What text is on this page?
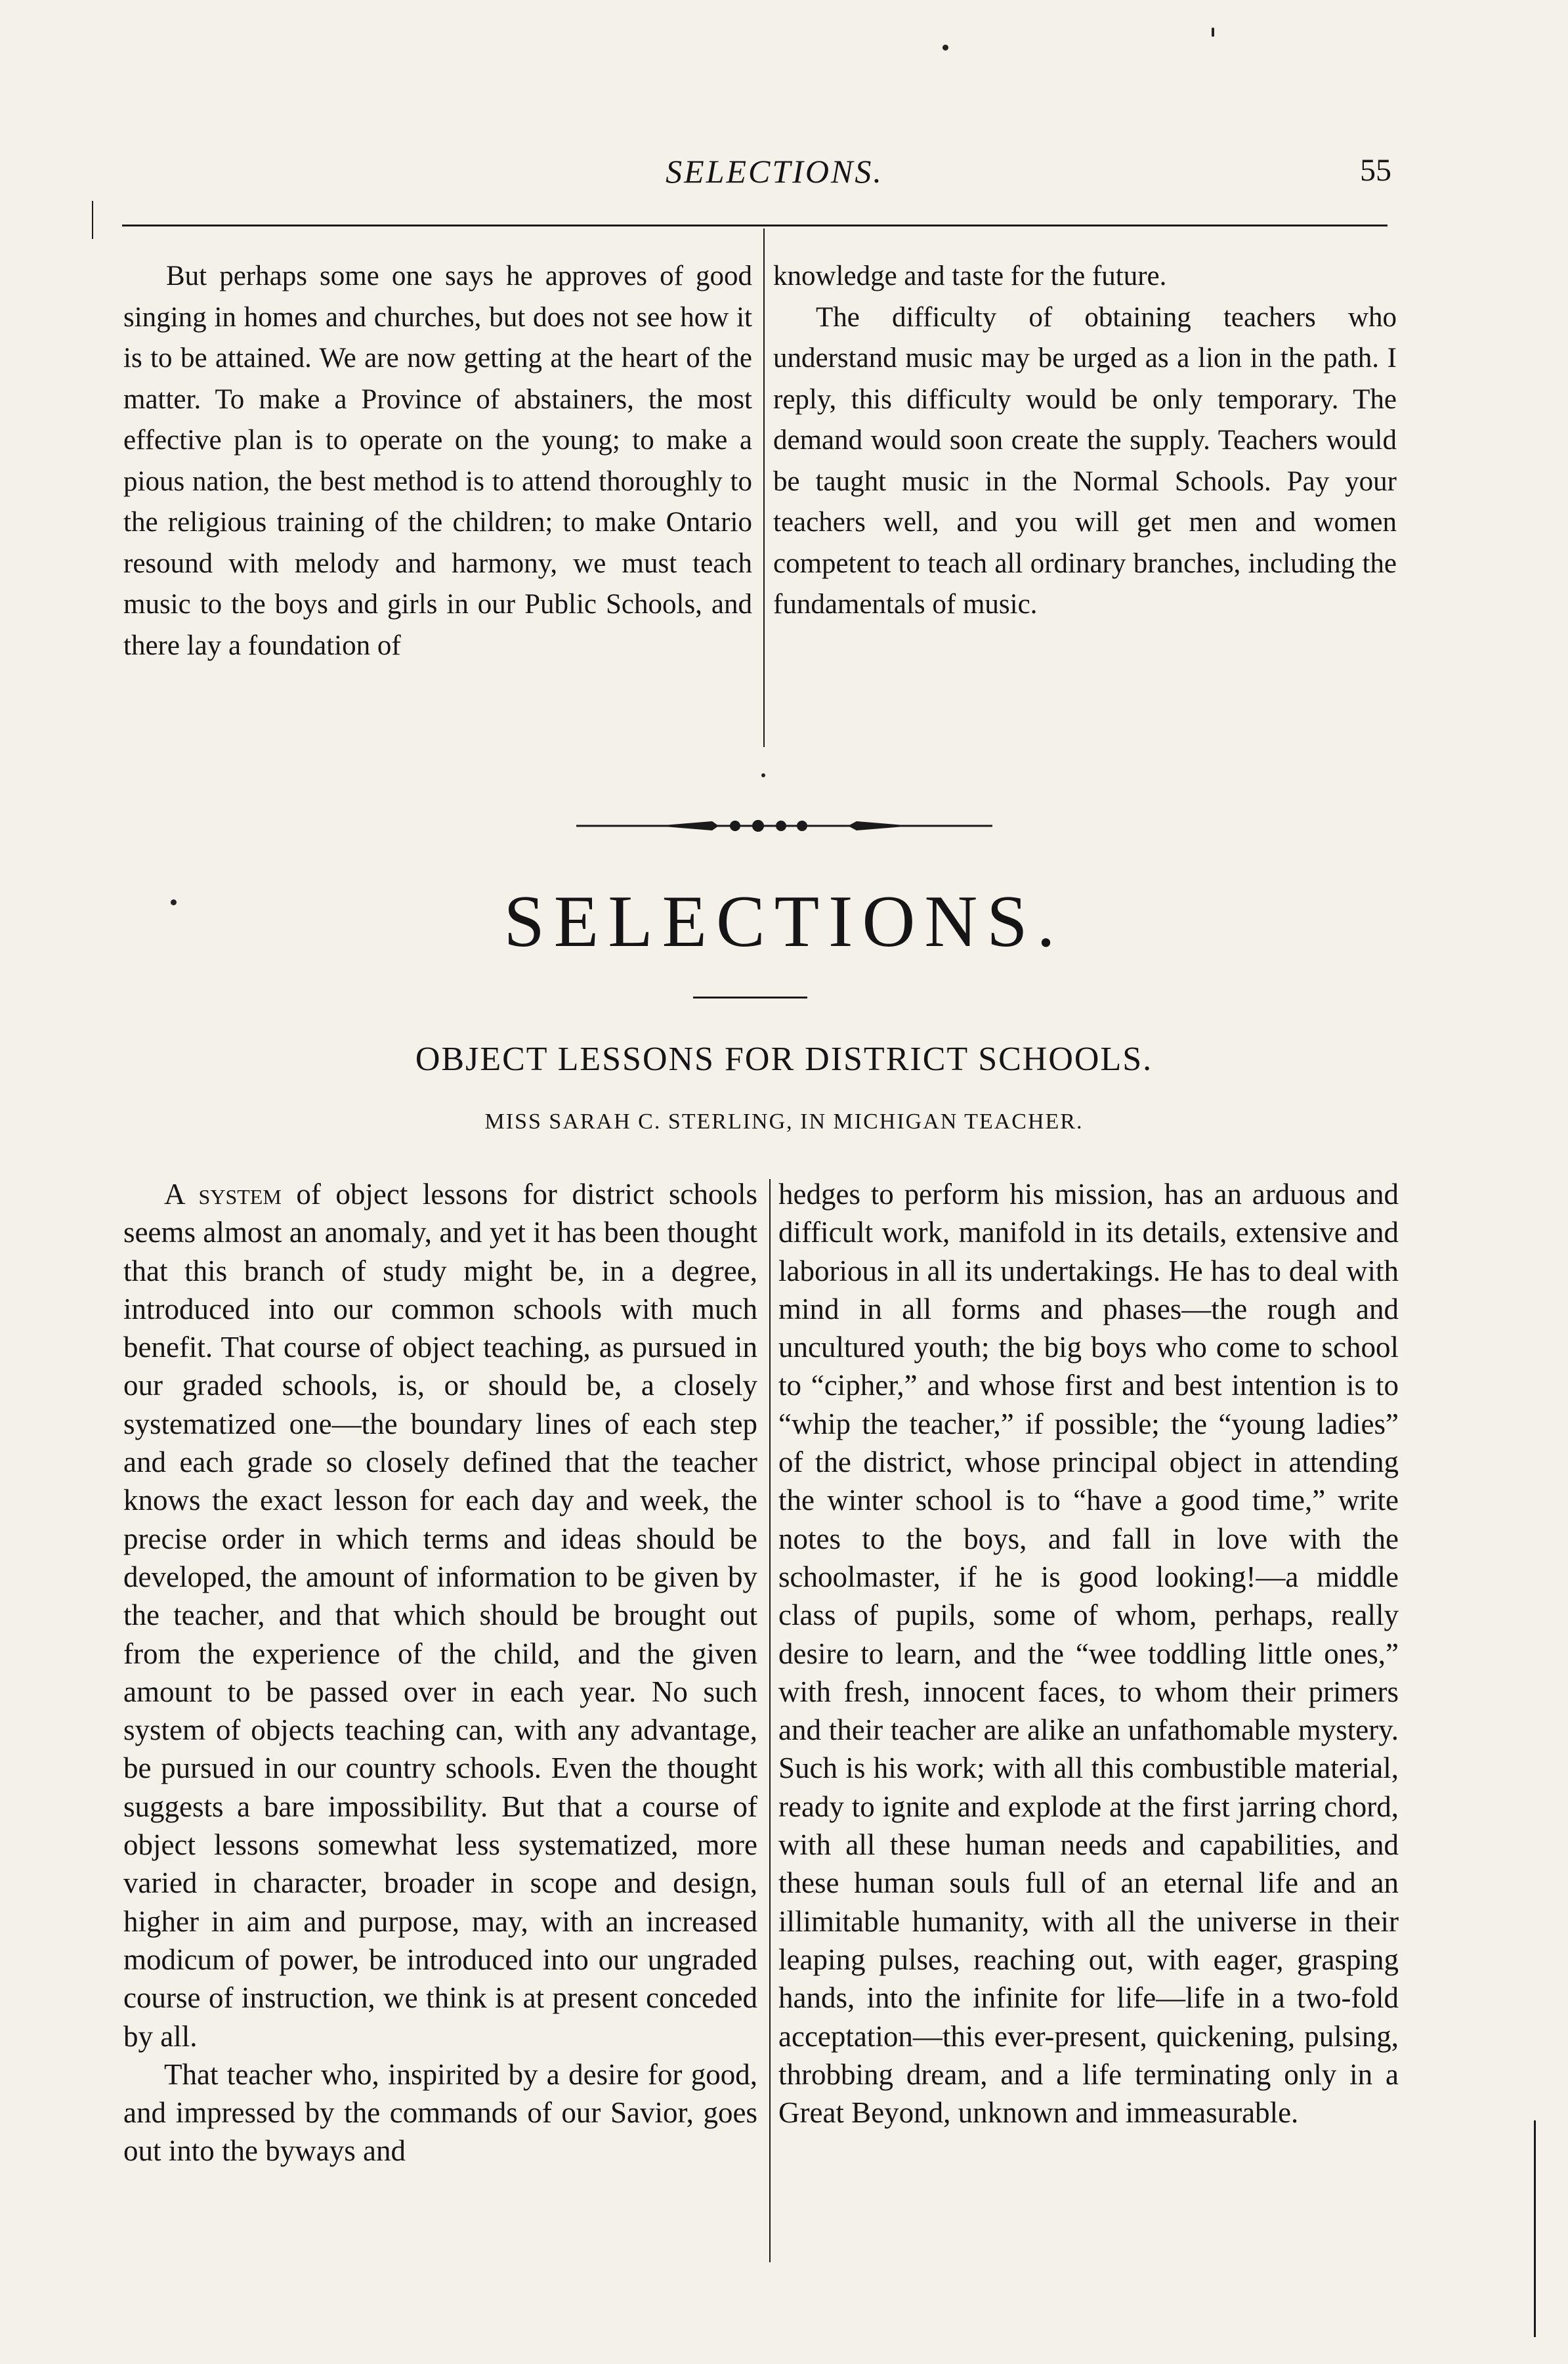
SELECTIONS.	55

But perhaps some one says he approves of good singing in homes and churches, but does not see how it is to be attained. We are now getting at the heart of the matter. To make a Province of abstainers, the most effective plan is to operate on the young; to make a pious nation, the best method is to attend thoroughly to the religious training of the children; to make Ontario resound with melody and harmony, we must teach music to the boys and girls in our Public Schools, and there lay a foundation of

knowledge and taste for the future.

The difficulty of obtaining teachers who understand music may be urged as a lion in the path. I reply, this difficulty would be only temporary. The demand would soon create the supply. Teachers would be taught music in the Normal Schools. Pay your teachers well, and you will get men and women competent to teach all ordinary branches, including the fundamentals of music.

SELECTIONS.
OBJECT LESSONS FOR DISTRICT SCHOOLS.
MISS SARAH C. STERLING, IN MICHIGAN TEACHER.

A system of object lessons for district schools seems almost an anomaly, and yet it has been thought that this branch of study might be, in a degree, introduced into our common schools with much benefit. That course of object teaching, as pursued in our graded schools, is, or should be, a closely systematized one—the boundary lines of each step and each grade so closely defined that the teacher knows the exact lesson for each day and week, the precise order in which terms and ideas should be developed, the amount of information to be given by the teacher, and that which should be brought out from the experience of the child, and the given amount to be passed over in each year. No such system of objects teaching can, with any advantage, be pursued in our country schools. Even the thought suggests a bare impossibility. But that a course of object lessons somewhat less systematized, more varied in character, broader in scope and design, higher in aim and purpose, may, with an increased modicum of power, be introduced into our ungraded course of instruction, we think is at present conceded by all.

That teacher who, inspirited by a desire for good, and impressed by the commands of our Savior, goes out into the byways and

hedges to perform his mission, has an arduous and difficult work, manifold in its details, extensive and laborious in all its undertakings. He has to deal with mind in all forms and phases—the rough and uncultured youth; the big boys who come to school to “cipher,” and whose first and best intention is to “whip the teacher,” if possible; the “young ladies” of the district, whose principal object in attending the winter school is to “have a good time,” write notes to the boys, and fall in love with the schoolmaster, if he is good looking!—a middle class of pupils, some of whom, perhaps, really desire to learn, and the “wee toddling little ones,” with fresh, innocent faces, to whom their primers and their teacher are alike an unfathomable mystery. Such is his work; with all this combustible material, ready to ignite and explode at the first jarring chord, with all these human needs and capabilities, and these human souls full of an eternal life and an illimitable humanity, with all the universe in their leaping pulses, reaching out, with eager, grasping hands, into the infinite for life—life in a two-fold acceptation—this ever-present, quickening, pulsing, throbbing dream, and a life terminating only in a Great Beyond, unknown and immeasurable.
